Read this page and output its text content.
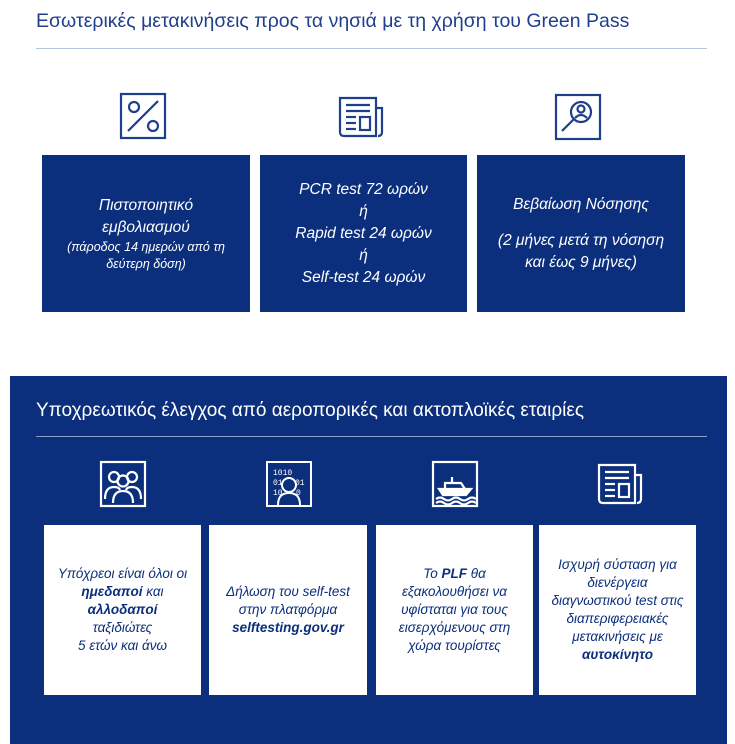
Εσωτερικές μετακινήσεις προς τα νησιά με τη χρήση του Green Pass
Πιστοποιητικό εμβολιασμού
(πάροδος 14 ημερών από τη δεύτερη δόση)
PCR test 72 ωρών
ή
Rapid test 24 ωρών
ή
Self-test 24 ωρών
Βεβαίωση Νόσησης
(2 μήνες μετά τη νόσηση και έως 9 μήνες)
Υποχρεωτικός έλεγχος από αεροπορικές και ακτοπλοϊκές εταιρίες
1010
01 01
10 0
Υπόχρεοι είναι όλοι οι
ημεδαποί και
αλλοδαποί
ταξιδιώτες
5 ετών και άνω
Δήλωση του self-test
στην πλατφόρμα
selftesting.gov.gr
Το PLF θα εξακολουθήσει να υφίσταται για τους εισερχόμενους στη χώρα τουρίστες
Ισχυρή σύσταση για διενέργεια διαγνωστικού test στις διαπεριφερειακές μετακινήσεις με αυτοκίνητο
